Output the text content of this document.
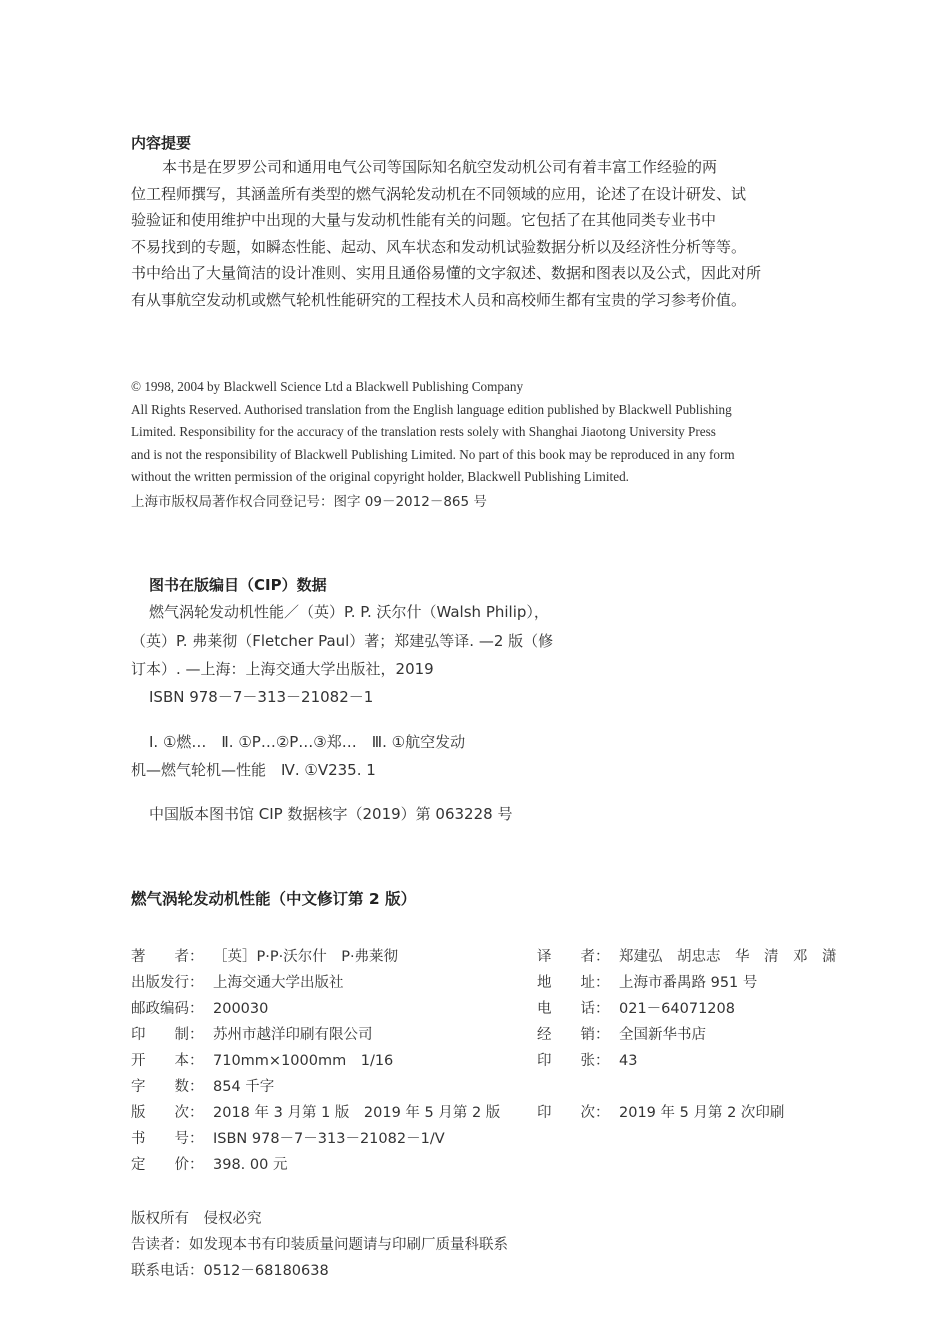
内容提要
本书是在罗罗公司和通用电气公司等国际知名航空发动机公司有着丰富工作经验的两
位工程师撰写，其涵盖所有类型的燃气涡轮发动机在不同领域的应用，论述了在设计研发、试
验验证和使用维护中出现的大量与发动机性能有关的问题。它包括了在其他同类专业书中
不易找到的专题，如瞬态性能、起动、风车状态和发动机试验数据分析以及经济性分析等等。
书中给出了大量简洁的设计准则、实用且通俗易懂的文字叙述、数据和图表以及公式，因此对所
有从事航空发动机或燃气轮机性能研究的工程技术人员和高校师生都有宝贵的学习参考价值。
© 1998, 2004 by Blackwell Science Ltd a Blackwell Publishing Company
All Rights Reserved. Authorised translation from the English language edition published by Blackwell Publishing
Limited. Responsibility for the accuracy of the translation rests solely with Shanghai Jiaotong University Press
and is not the responsibility of Blackwell Publishing Limited. No part of this book may be reproduced in any form
without the written permission of the original copyright holder, Blackwell Publishing Limited.
上海市版权局著作权合同登记号：图字 09－2012－865 号
图书在版编目（CIP）数据
燃气涡轮发动机性能／（英）P. P. 沃尔什（Walsh Philip），
（英）P. 弗莱彻（Fletcher Paul）著；郑建弘等译. —2 版（修
订本）. —上海：上海交通大学出版社，2019
ISBN 978－7－313－21082－1
Ⅰ. ①燃…　Ⅱ. ①P…②P…③郑…　Ⅲ. ①航空发动
机—燃气轮机—性能　Ⅳ. ①V235. 1
中国版本图书馆 CIP 数据核字（2019）第 063228 号
燃气涡轮发动机性能（中文修订第 2 版）
著　　者： ［英］P·P·沃尔什　P·弗莱彻
出版发行： 上海交通大学出版社
邮政编码： 200030
印　　制： 苏州市越洋印刷有限公司
开　　本： 710mm×1000mm　1/16
字　　数： 854 千字
版　　次： 2018 年 3 月第 1 版　2019 年 5 月第 2 版
书　　号： ISBN 978－7－313－21082－1/V
定　　价： 398. 00 元
译　　者： 郑建弘　胡忠志　华　清　邓　潇
地　　址： 上海市番禺路 951 号
电　　话： 021－64071208
经　　销： 全国新华书店
印　　张： 43
印　　次： 2019 年 5 月第 2 次印刷
版权所有　侵权必究
告读者：如发现本书有印装质量问题请与印刷厂质量科联系
联系电话：0512－68180638
